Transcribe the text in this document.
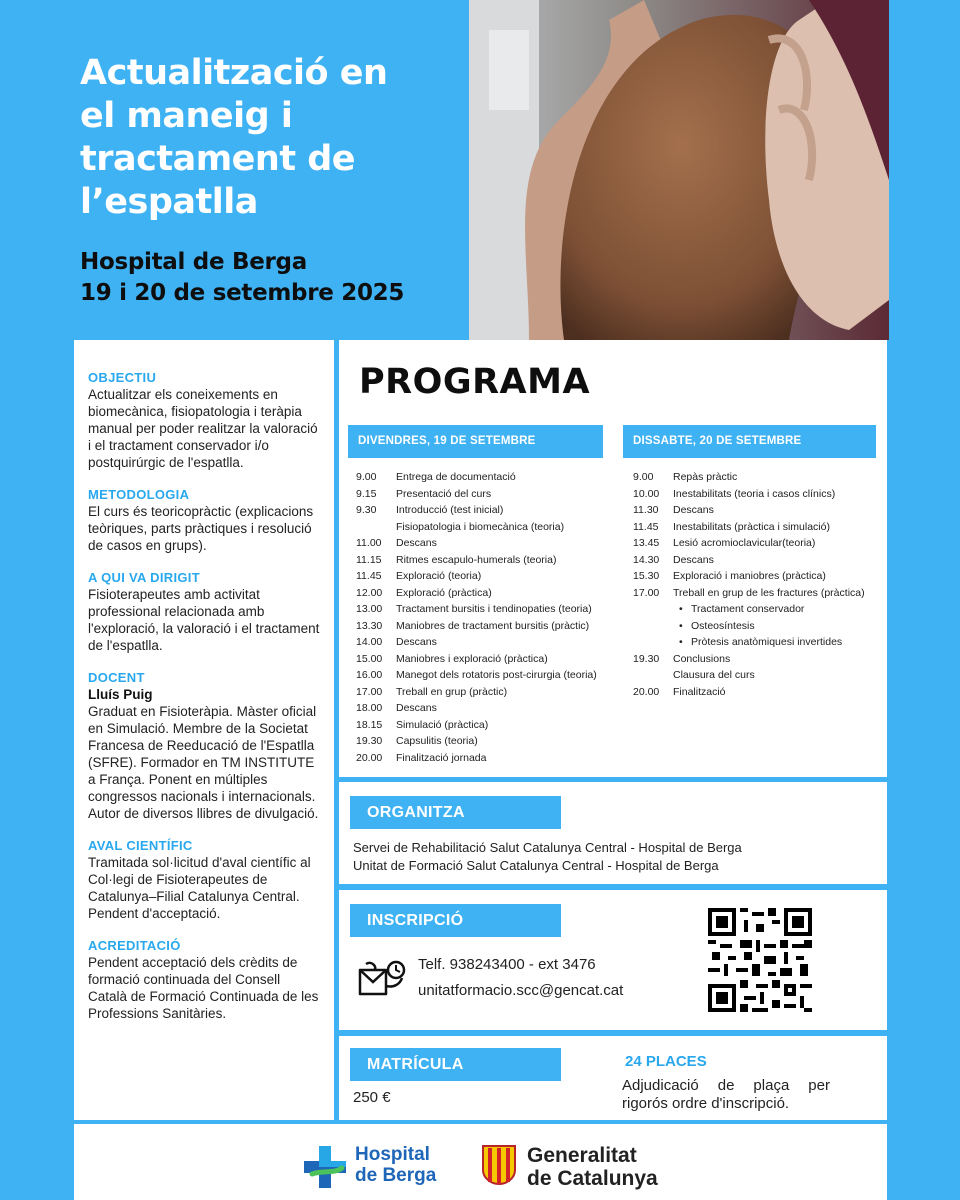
Actualització en
el maneig i
tractament de
l’espatlla
Hospital de Berga
19 i 20 de setembre 2025
OBJECTIU
Actualitzar els coneixements en biomecànica, fisiopatologia i teràpia manual per poder realitzar la valoració i el tractament conservador i/o postquirúrgic de l'espatlla.
METODOLOGIA
El curs és teoricopràctic (explicacions teòriques, parts pràctiques i resolució de casos en grups).
A QUI VA DIRIGIT
Fisioterapeutes amb activitat professional relacionada amb l'exploració, la valoració i el tractament de l'espatlla.
DOCENT
Lluís Puig
Graduat en Fisioteràpia. Màster oficial en Simulació. Membre de la Societat Francesa de Reeducació de l'Espatlla (SFRE). Formador en TM INSTITUTE a França. Ponent en múltiples congressos nacionals i internacionals. Autor de diversos llibres de divulgació.
AVAL CIENTÍFIC
Tramitada sol·licitud d'aval científic al Col·legi de Fisioterapeutes de Catalunya–Filial Catalunya Central. Pendent d'acceptació.
ACREDITACIÓ
Pendent acceptació dels crèdits de formació continuada del Consell Català de Formació Continuada de les Professions Sanitàries.
PROGRAMA
DIVENDRES, 19 DE SETEMBRE
9.00	Entrega de documentació
9.15	Presentació del curs
9.30	Introducció (test inicial)
Fisiopatologia i biomecànica (teoria)
11.00	Descans
11.15	Ritmes escapulo-humerals (teoria)
11.45	Exploració (teoria)
12.00	Exploració (pràctica)
13.00	Tractament bursitis i tendinopaties (teoria)
13.30	Maniobres de tractament bursitis (pràctic)
14.00	Descans
15.00	Maniobres i exploració (pràctica)
16.00	Manegot dels rotatoris post-cirurgia (teoria)
17.00	Treball en grup (pràctic)
18.00	Descans
18.15	Simulació (pràctica)
19.30	Capsulitis (teoria)
20.00	Finalització jornada
DISSABTE, 20 DE SETEMBRE
9.00	Repàs pràctic
10.00	Inestabilitats (teoria i casos clínics)
11.30	Descans
11.45	Inestabilitats (pràctica i simulació)
13.45	Lesió acromioclavicular(teoria)
14.30	Descans
15.30	Exploració i maniobres (pràctica)
17.00	Treball en grup de les fractures (pràctica)
• Tractament conservador
• Osteosíntesis
• Pròtesis anatòmiquesi invertides
19.30	Conclusions
Clausura del curs
20.00	Finalització
ORGANITZA
Servei de Rehabilitació Salut Catalunya Central - Hospital de Berga
Unitat de Formació Salut Catalunya Central - Hospital de Berga
INSCRIPCIÓ
Telf. 938243400 - ext 3476
unitatformacio.scc@gencat.cat
MATRÍCULA
250 €
24 PLACES
Adjudicació de plaça per rigorós ordre d'inscripció.
Hospital
de Berga
Generalitat
de Catalunya
